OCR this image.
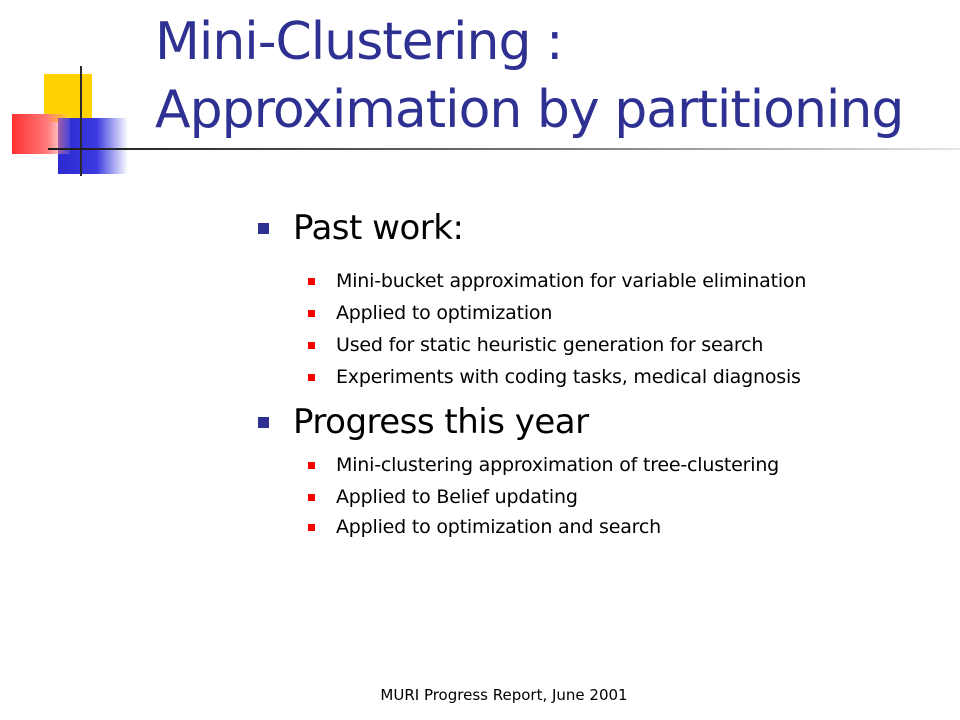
Mini-Clustering :
Approximation by partitioning
Past work:
Mini-bucket approximation for variable elimination
Applied to optimization
Used for static heuristic generation for search
Experiments with coding tasks, medical diagnosis
Progress this year
Mini-clustering approximation of tree-clustering
Applied to Belief updating
Applied to optimization and search
MURI Progress Report, June 2001
